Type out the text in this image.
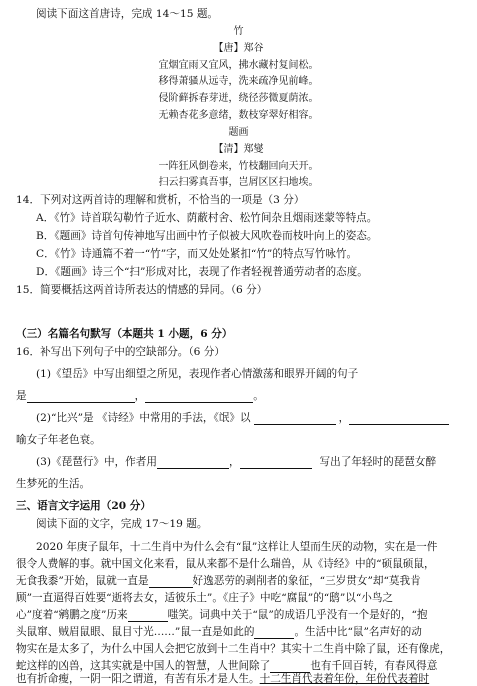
阅读下面这首唐诗，完成 14～15 题。
竹
【唐】郑谷
宜烟宜雨又宜风，拂水藏村复间松。
移得萧骚从远寺，洗来疏净见前峰。
侵阶藓拆春芽迸，绕径莎微夏荫浓。
无赖杏花多意绪，数枝穿翠好相容。
题画
【清】郑燮
一阵狂风倒卷来，竹枝翻回向天开。
扫云扫雾真吾事，岂屑区区扫地埃。
14．下列对这两首诗的理解和赏析，不恰当的一项是（3 分）
A．《竹》诗首联勾勒竹子近水、荫蔽村舍、松竹间杂且烟雨迷蒙等特点。
B．《题画》诗首句传神地写出画中竹子似被大风吹卷而枝叶向上的姿态。
C．《竹》诗通篇不着一“竹”字，而又处处紧扣“竹”的特点写竹咏竹。
D．《题画》诗三个“扫”形成对比，表现了作者轻视普通劳动者的态度。
15．简要概括这两首诗所表达的情感的异同。（6 分）
（三）名篇名句默写（本题共 1 小题，6 分）
16．补写出下列句子中的空缺部分。（6 分）
(1)《望岳》中写出细望之所见，表现作者心情激荡和眼界开阔的句子
是	，	。
(2)“比兴”是 《诗经》中常用的手法，《氓》以	，
喻女子年老色衰。
(3)《琵琶行》中，作者用	，	写出了年轻时的琵琶女醉
生梦死的生活。
三、语言文字运用（20 分）
阅读下面的文字，完成 17～19 题。
2020 年庚子鼠年，十二生肖中为什么会有“鼠”这样让人望而生厌的动物，实在是一件
很令人费解的事。就中国文化来看，鼠从来都不是什么瑞兽，从《诗经》中的“硕鼠硕鼠，
无食我黍”开始，鼠就一直是	好逸恶劳的剥削者的象征，“三岁贯女”却“莫我肯
顾”一直逼得百姓要“逝将去女，适彼乐土”。《庄子》中吃“腐鼠”的“鸱”以“小鸟之
心”度着“鹓鹏之度”历来	嗤笑。词典中关于“鼠”的成语几乎没有一个是好的，“抱
头鼠窜、贼眉鼠眼、鼠目寸光……”鼠一直是如此的	。生活中比“鼠”名声好的动
物实在是太多了，为什么中国人会把它放到十二生肖中？其实十二生肖中除了鼠，还有像虎，
蛇这样的凶兽，这其实就是中国人的智慧，人世间除了	也有千回百转，有春风得意
也有折命瘦，一阴一阳之谓道，有苦有乐才是人生。十二生肖代表着年份，年份代表着时
